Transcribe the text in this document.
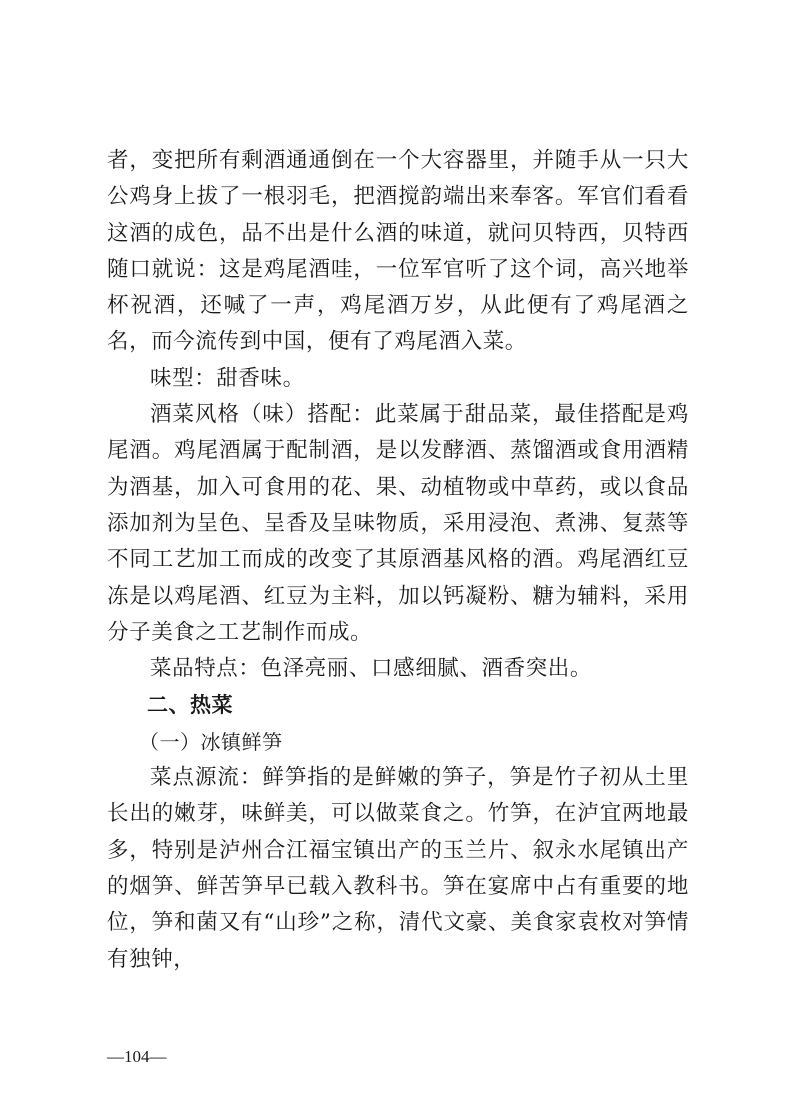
者，变把所有剩酒通通倒在一个大容器里，并随手从一只大公鸡身上拔了一根羽毛，把酒搅韵端出来奉客。军官们看看这酒的成色，品不出是什么酒的味道，就问贝特西，贝特西随口就说：这是鸡尾酒哇，一位军官听了这个词，高兴地举杯祝酒，还喊了一声，鸡尾酒万岁，从此便有了鸡尾酒之名，而今流传到中国，便有了鸡尾酒入菜。

味型：甜香味。

酒菜风格（味）搭配：此菜属于甜品菜，最佳搭配是鸡尾酒。鸡尾酒属于配制酒，是以发酵酒、蒸馏酒或食用酒精为酒基，加入可食用的花、果、动植物或中草药，或以食品添加剂为呈色、呈香及呈味物质，采用浸泡、煮沸、复蒸等不同工艺加工而成的改变了其原酒基风格的酒。鸡尾酒红豆冻是以鸡尾酒、红豆为主料，加以钙凝粉、糖为辅料，采用分子美食之工艺制作而成。

菜品特点：色泽亮丽、口感细腻、酒香突出。

二、热菜
（一）冰镇鲜笋

菜点源流：鲜笋指的是鲜嫩的笋子，笋是竹子初从土里长出的嫩芽，味鲜美，可以做菜食之。竹笋，在泸宜两地最多，特别是泸州合江福宝镇出产的玉兰片、叙永水尾镇出产的烟笋、鲜苦笋早已载入教科书。笋在宴席中占有重要的地位，笋和菌又有“山珍”之称，清代文豪、美食家袁枚对笋情有独钟，

—104—
